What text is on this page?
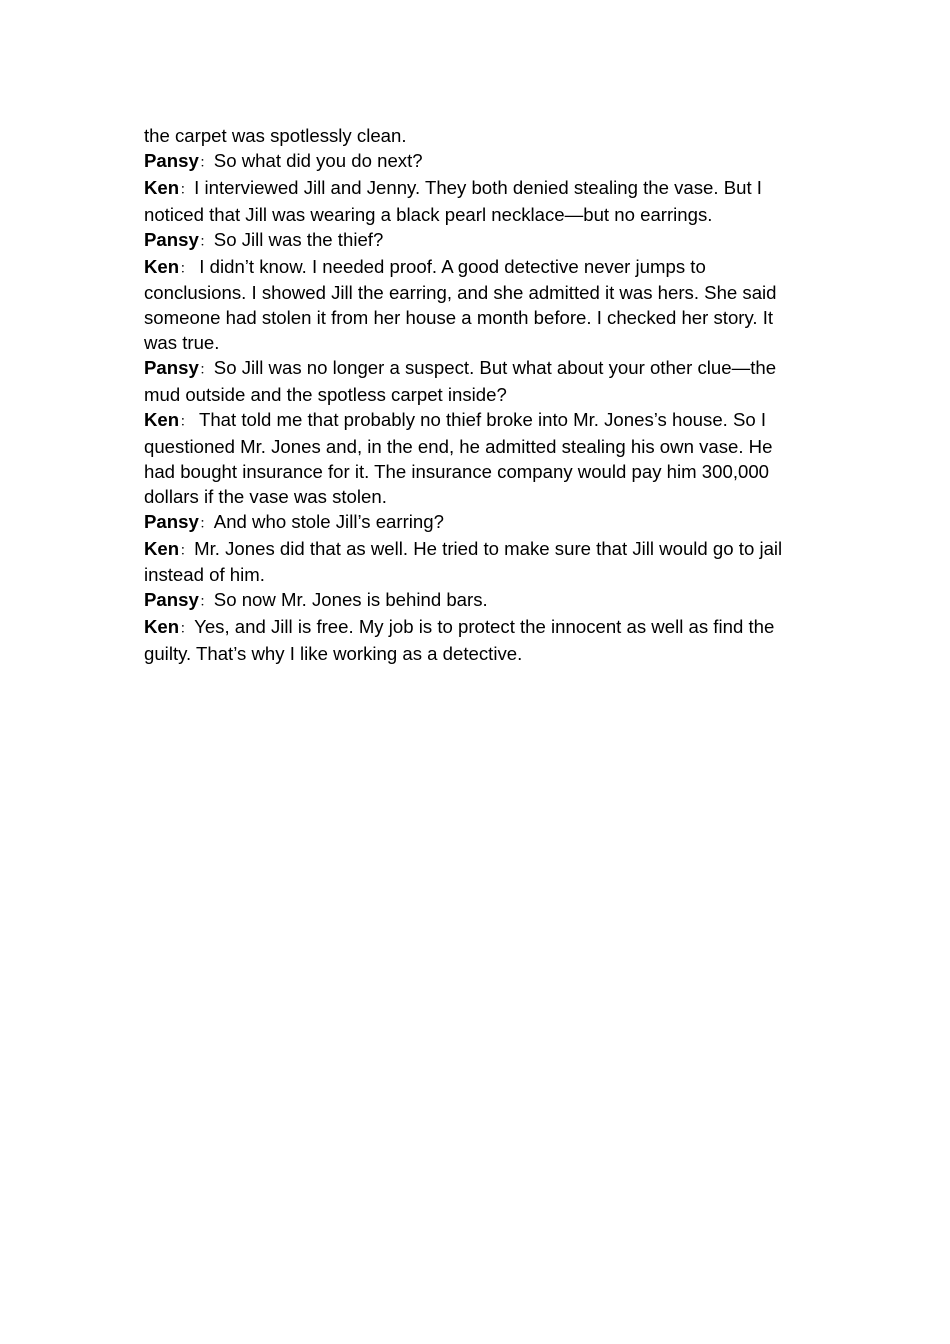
the carpet was spotlessly clean.

Pansy：So what did you do next?

Ken：I interviewed Jill and Jenny. They both denied stealing the vase. But I noticed that Jill was wearing a black pearl necklace—but no earrings.

Pansy：So Jill was the thief?

Ken： I didn’t know. I needed proof. A good detective never jumps to conclusions. I showed Jill the earring, and she admitted it was hers. She said someone had stolen it from her house a month before. I checked her story. It was true.

Pansy：So Jill was no longer a suspect. But what about your other clue—the mud outside and the spotless carpet inside?

Ken： That told me that probably no thief broke into Mr. Jones’s house. So I questioned Mr. Jones and, in the end, he admitted stealing his own vase. He had bought insurance for it. The insurance company would pay him 300,000 dollars if the vase was stolen.

Pansy：And who stole Jill’s earring?

Ken：Mr. Jones did that as well. He tried to make sure that Jill would go to jail instead of him.

Pansy：So now Mr. Jones is behind bars.

Ken：Yes, and Jill is free. My job is to protect the innocent as well as find the guilty. That’s why I like working as a detective.
